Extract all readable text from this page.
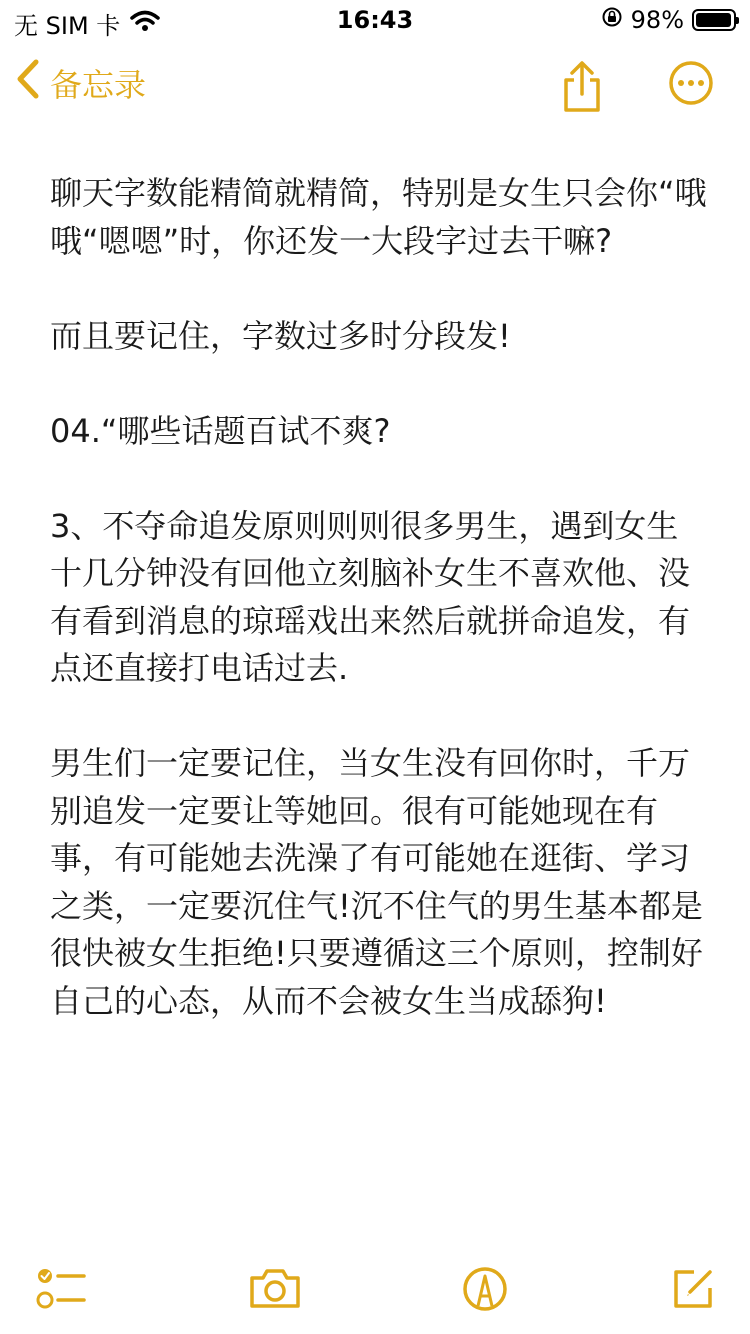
无 SIM 卡	16:43	98%
备忘录

聊天字数能精简就精简，特别是女生只会你“哦哦“嗯嗯”时，你还发一大段字过去干嘛?

而且要记住，字数过多时分段发!

04.“哪些话题百试不爽?

3、不夺命追发原则则则很多男生，遇到女生十几分钟没有回他立刻脑补女生不喜欢他、没有看到消息的琼瑶戏出来然后就拼命追发，有点还直接打电话过去.

男生们一定要记住，当女生没有回你时，千万别追发一定要让等她回。很有可能她现在有事，有可能她去洗澡了有可能她在逛街、学习之类，一定要沉住气!沉不住气的男生基本都是很快被女生拒绝!只要遵循这三个原则，控制好自己的心态，从而不会被女生当成舔狗!
